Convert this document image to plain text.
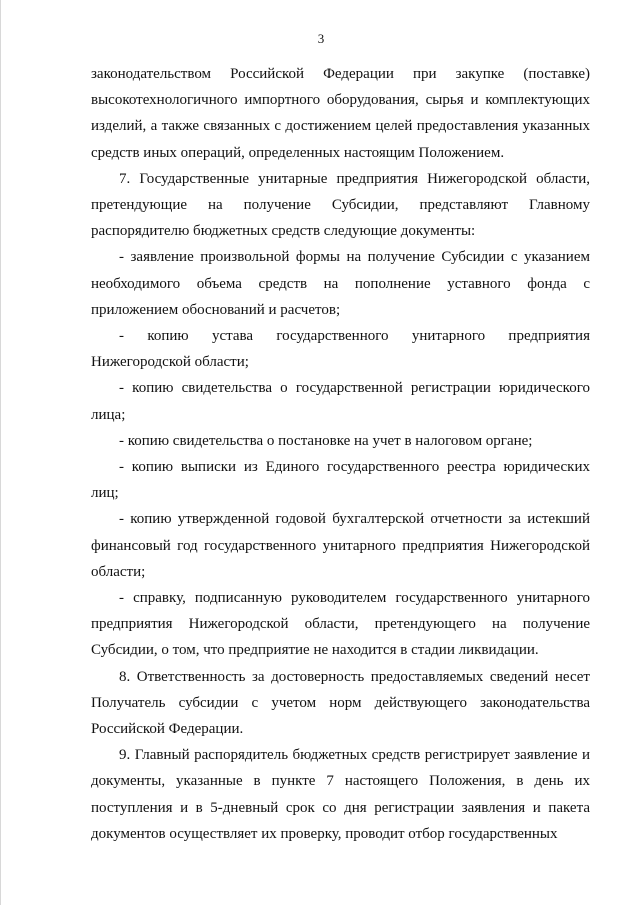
3

законодательством Российской Федерации при закупке (поставке) высокотехнологичного импортного оборудования, сырья и комплектующих изделий, а также связанных с достижением целей предоставления указанных средств иных операций, определенных настоящим Положением.

7. Государственные унитарные предприятия Нижегородской области, претендующие на получение Субсидии, представляют Главному распорядителю бюджетных средств следующие документы:

- заявление произвольной формы на получение Субсидии с указанием необходимого объема средств на пополнение уставного фонда с приложением обоснований и расчетов;

- копию устава государственного унитарного предприятия Нижегородской области;

- копию свидетельства о государственной регистрации юридического лица;

- копию свидетельства о постановке на учет в налоговом органе;

- копию выписки из Единого государственного реестра юридических лиц;

- копию утвержденной годовой бухгалтерской отчетности за истекший финансовый год государственного унитарного предприятия Нижегородской области;

- справку, подписанную руководителем государственного унитарного предприятия Нижегородской области, претендующего на получение Субсидии, о том, что предприятие не находится в стадии ликвидации.

8. Ответственность за достоверность предоставляемых сведений несет Получатель субсидии с учетом норм действующего законодательства Российской Федерации.

9. Главный распорядитель бюджетных средств регистрирует заявление и документы, указанные в пункте 7 настоящего Положения, в день их поступления и в 5-дневный срок со дня регистрации заявления и пакета документов осуществляет их проверку, проводит отбор государственных
